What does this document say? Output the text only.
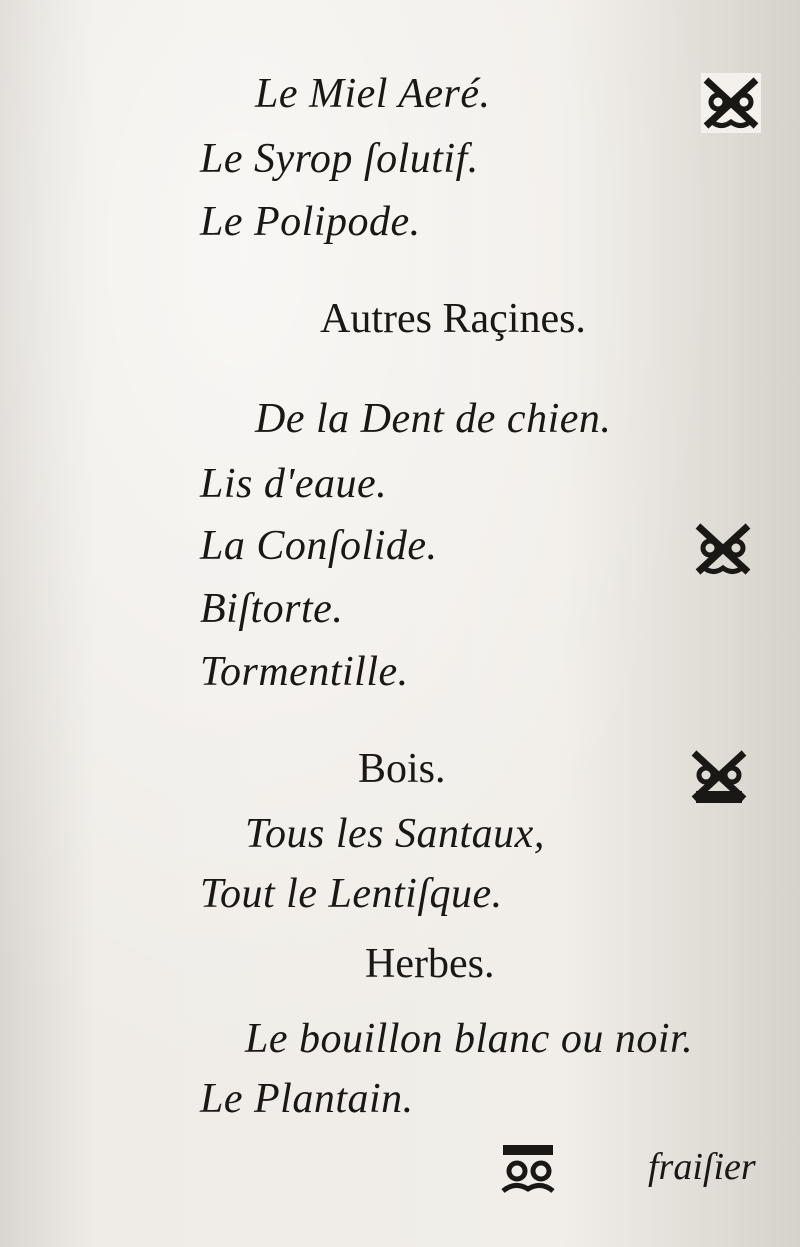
Le Miel Aeré.
Le Syrop ſolutif.
Le Polipode.
Autres Raçines.
De la Dent de chien.
Lis d'eaue.
La Conſolide.
Biſtorte.
Tormentille.
Bois.
Tous les Santaux,
Tout le Lentiſque.
Herbes.
Le bouillon blanc ou noir.
Le Plantain.
fraiſier
